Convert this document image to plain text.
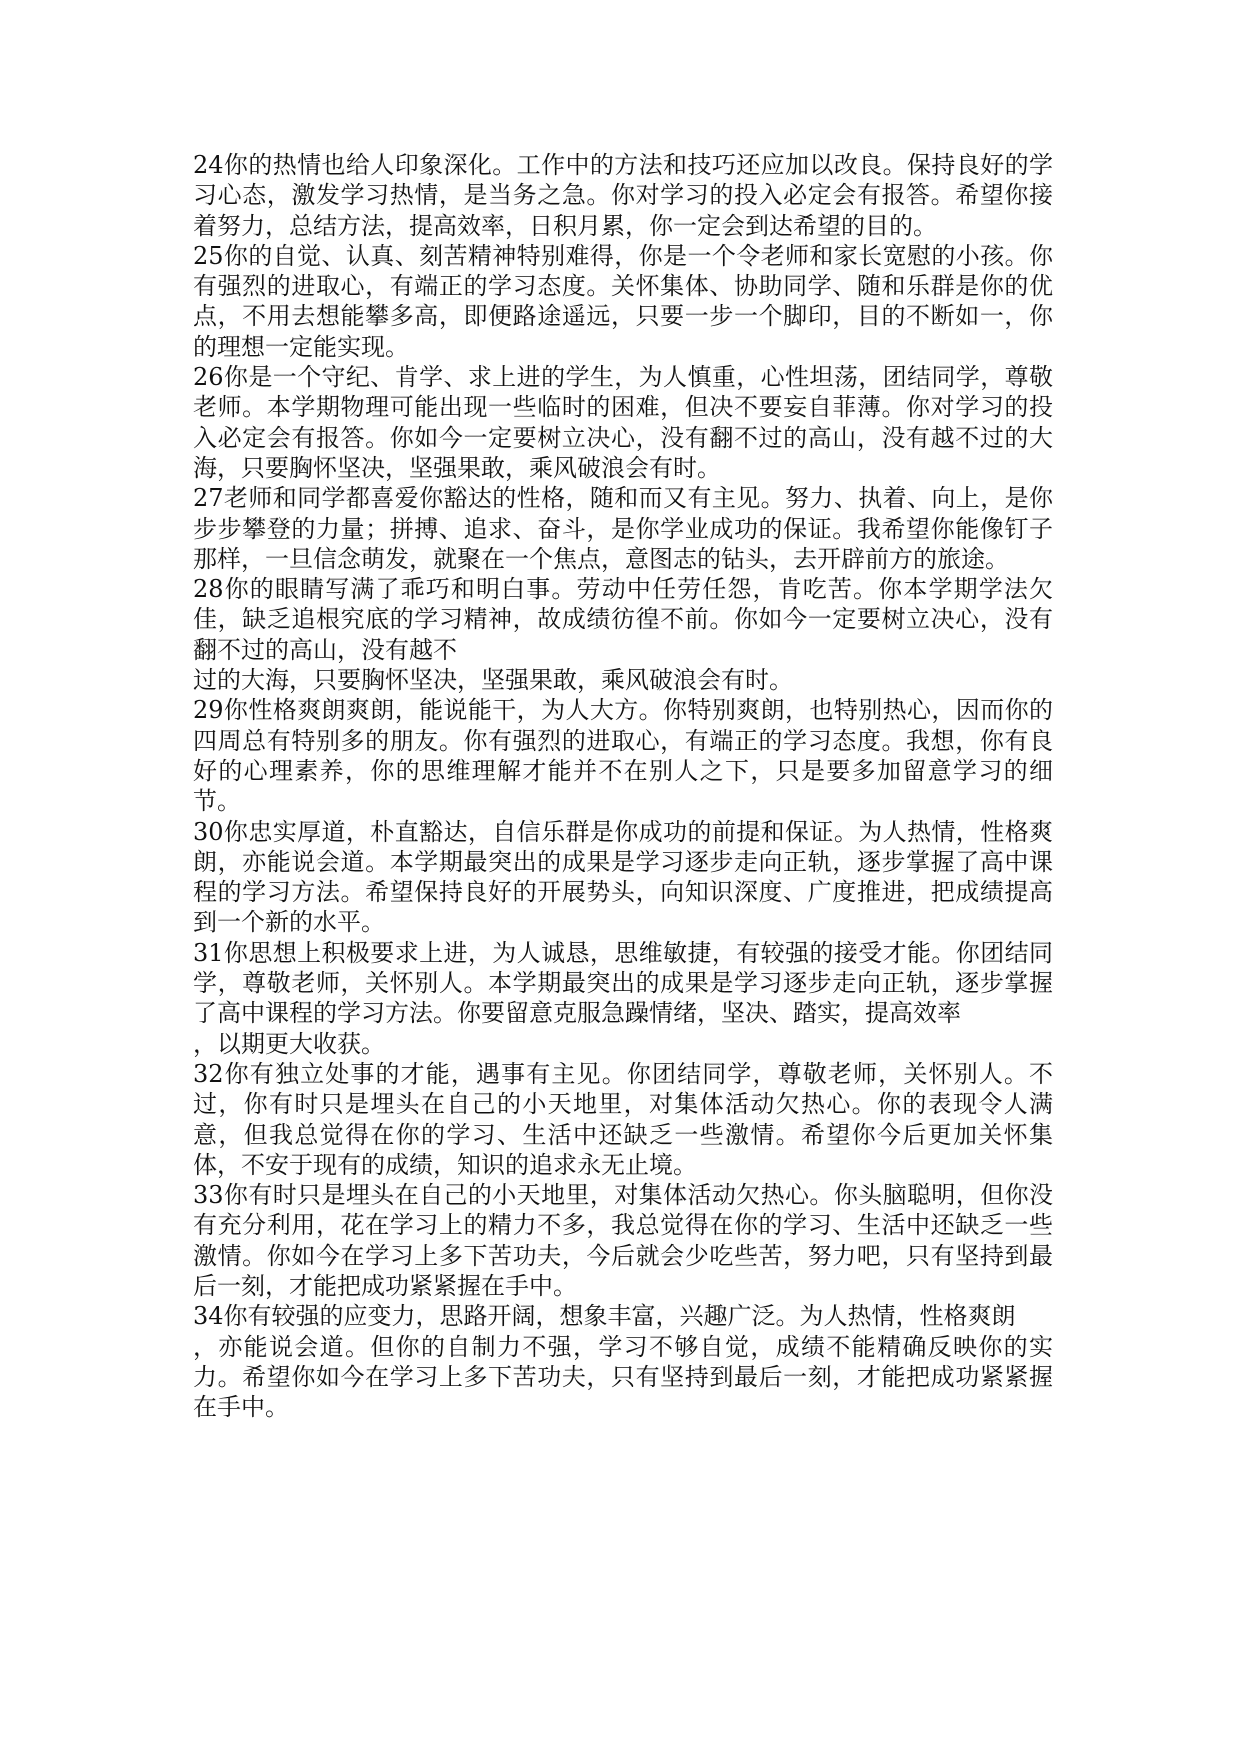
24你的热情也给人印象深化。工作中的方法和技巧还应加以改良。保持良好的学习心态，激发学习热情，是当务之急。你对学习的投入必定会有报答。希望你接着努力，总结方法，提高效率，日积月累，你一定会到达希望的目的。

25你的自觉、认真、刻苦精神特别难得，你是一个令老师和家长宽慰的小孩。你有强烈的进取心，有端正的学习态度。关怀集体、协助同学、随和乐群是你的优点，不用去想能攀多高，即便路途遥远，只要一步一个脚印，目的不断如一，你的理想一定能实现。

26你是一个守纪、肯学、求上进的学生，为人慎重，心性坦荡，团结同学，尊敬老师。本学期物理可能出现一些临时的困难，但决不要妄自菲薄。你对学习的投入必定会有报答。你如今一定要树立决心，没有翻不过的高山，没有越不过的大海，只要胸怀坚决，坚强果敢，乘风破浪会有时。

27老师和同学都喜爱你豁达的性格，随和而又有主见。努力、执着、向上，是你步步攀登的力量；拼搏、追求、奋斗，是你学业成功的保证。我希望你能像钉子那样，一旦信念萌发，就聚在一个焦点，意图志的钻头，去开辟前方的旅途。

28你的眼睛写满了乖巧和明白事。劳动中任劳任怨，肯吃苦。你本学期学法欠佳，缺乏追根究底的学习精神，故成绩彷徨不前。你如今一定要树立决心，没有翻不过的高山，没有越不
过的大海，只要胸怀坚决，坚强果敢，乘风破浪会有时。

29你性格爽朗爽朗，能说能干，为人大方。你特别爽朗，也特别热心，因而你的四周总有特别多的朋友。你有强烈的进取心，有端正的学习态度。我想，你有良好的心理素养，你的思维理解才能并不在别人之下，只是要多加留意学习的细节。

30你忠实厚道，朴直豁达，自信乐群是你成功的前提和保证。为人热情，性格爽朗，亦能说会道。本学期最突出的成果是学习逐步走向正轨，逐步掌握了高中课程的学习方法。希望保持良好的开展势头，向知识深度、广度推进，把成绩提高到一个新的水平。

31你思想上积极要求上进，为人诚恳，思维敏捷，有较强的接受才能。你团结同学，尊敬老师，关怀别人。本学期最突出的成果是学习逐步走向正轨，逐步掌握了高中课程的学习方法。你要留意克服急躁情绪，坚决、踏实，提高效率
，以期更大收获。

32你有独立处事的才能，遇事有主见。你团结同学，尊敬老师，关怀别人。不过，你有时只是埋头在自己的小天地里，对集体活动欠热心。你的表现令人满意，但我总觉得在你的学习、生活中还缺乏一些激情。希望你今后更加关怀集体，不安于现有的成绩，知识的追求永无止境。

33你有时只是埋头在自己的小天地里，对集体活动欠热心。你头脑聪明，但你没有充分利用，花在学习上的精力不多，我总觉得在你的学习、生活中还缺乏一些激情。你如今在学习上多下苦功夫，今后就会少吃些苦，努力吧，只有坚持到最后一刻，才能把成功紧紧握在手中。

34你有较强的应变力，思路开阔，想象丰富，兴趣广泛。为人热情，性格爽朗
，亦能说会道。但你的自制力不强，学习不够自觉，成绩不能精确反映你的实力。希望你如今在学习上多下苦功夫，只有坚持到最后一刻，才能把成功紧紧握在手中。
